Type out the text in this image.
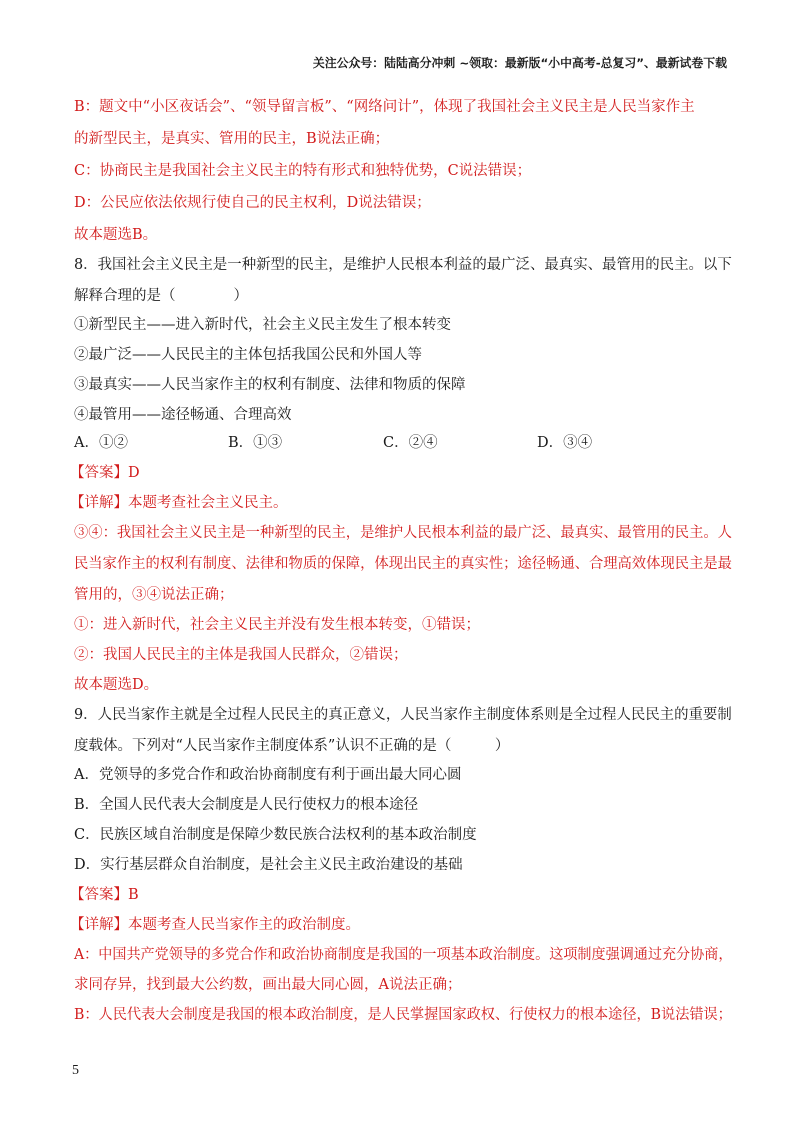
关注公众号：陆陆高分冲刺 ~领取：最新版“小中高考-总复习”、最新试卷下载
B：题文中“小区夜话会”、“领导留言板”、“网络问计”，体现了我国社会主义民主是人民当家作主
的新型民主，是真实、管用的民主，B说法正确；
C：协商民主是我国社会主义民主的特有形式和独特优势，C说法错误；
D：公民应依法依规行使自己的民主权利，D说法错误；
故本题选B。
8．我国社会主义民主是一种新型的民主，是维护人民根本利益的最广泛、最真实、最管用的民主。以下
解释合理的是（　　　　）
①新型民主——进入新时代，社会主义民主发生了根本转变
②最广泛——人民民主的主体包括我国公民和外国人等
③最真实——人民当家作主的权利有制度、法律和物质的保障
④最管用——途径畅通、合理高效
A．①②	B．①③	C．②④	D．③④
【答案】D
【详解】本题考查社会主义民主。
③④：我国社会主义民主是一种新型的民主，是维护人民根本利益的最广泛、最真实、最管用的民主。人
民当家作主的权利有制度、法律和物质的保障，体现出民主的真实性；途径畅通、合理高效体现民主是最
管用的，③④说法正确；
①：进入新时代，社会主义民主并没有发生根本转变，①错误；
②：我国人民民主的主体是我国人民群众，②错误；
故本题选D。
9．人民当家作主就是全过程人民民主的真正意义，人民当家作主制度体系则是全过程人民民主的重要制
度载体。下列对“人民当家作主制度体系”认识不正确的是（　　　）
A．党领导的多党合作和政治协商制度有利于画出最大同心圆
B．全国人民代表大会制度是人民行使权力的根本途径
C．民族区域自治制度是保障少数民族合法权利的基本政治制度
D．实行基层群众自治制度，是社会主义民主政治建设的基础
【答案】B
【详解】本题考查人民当家作主的政治制度。
A：中国共产党领导的多党合作和政治协商制度是我国的一项基本政治制度。这项制度强调通过充分协商，
求同存异，找到最大公约数，画出最大同心圆，A说法正确；
B：人民代表大会制度是我国的根本政治制度，是人民掌握国家政权、行使权力的根本途径，B说法错误；
5
